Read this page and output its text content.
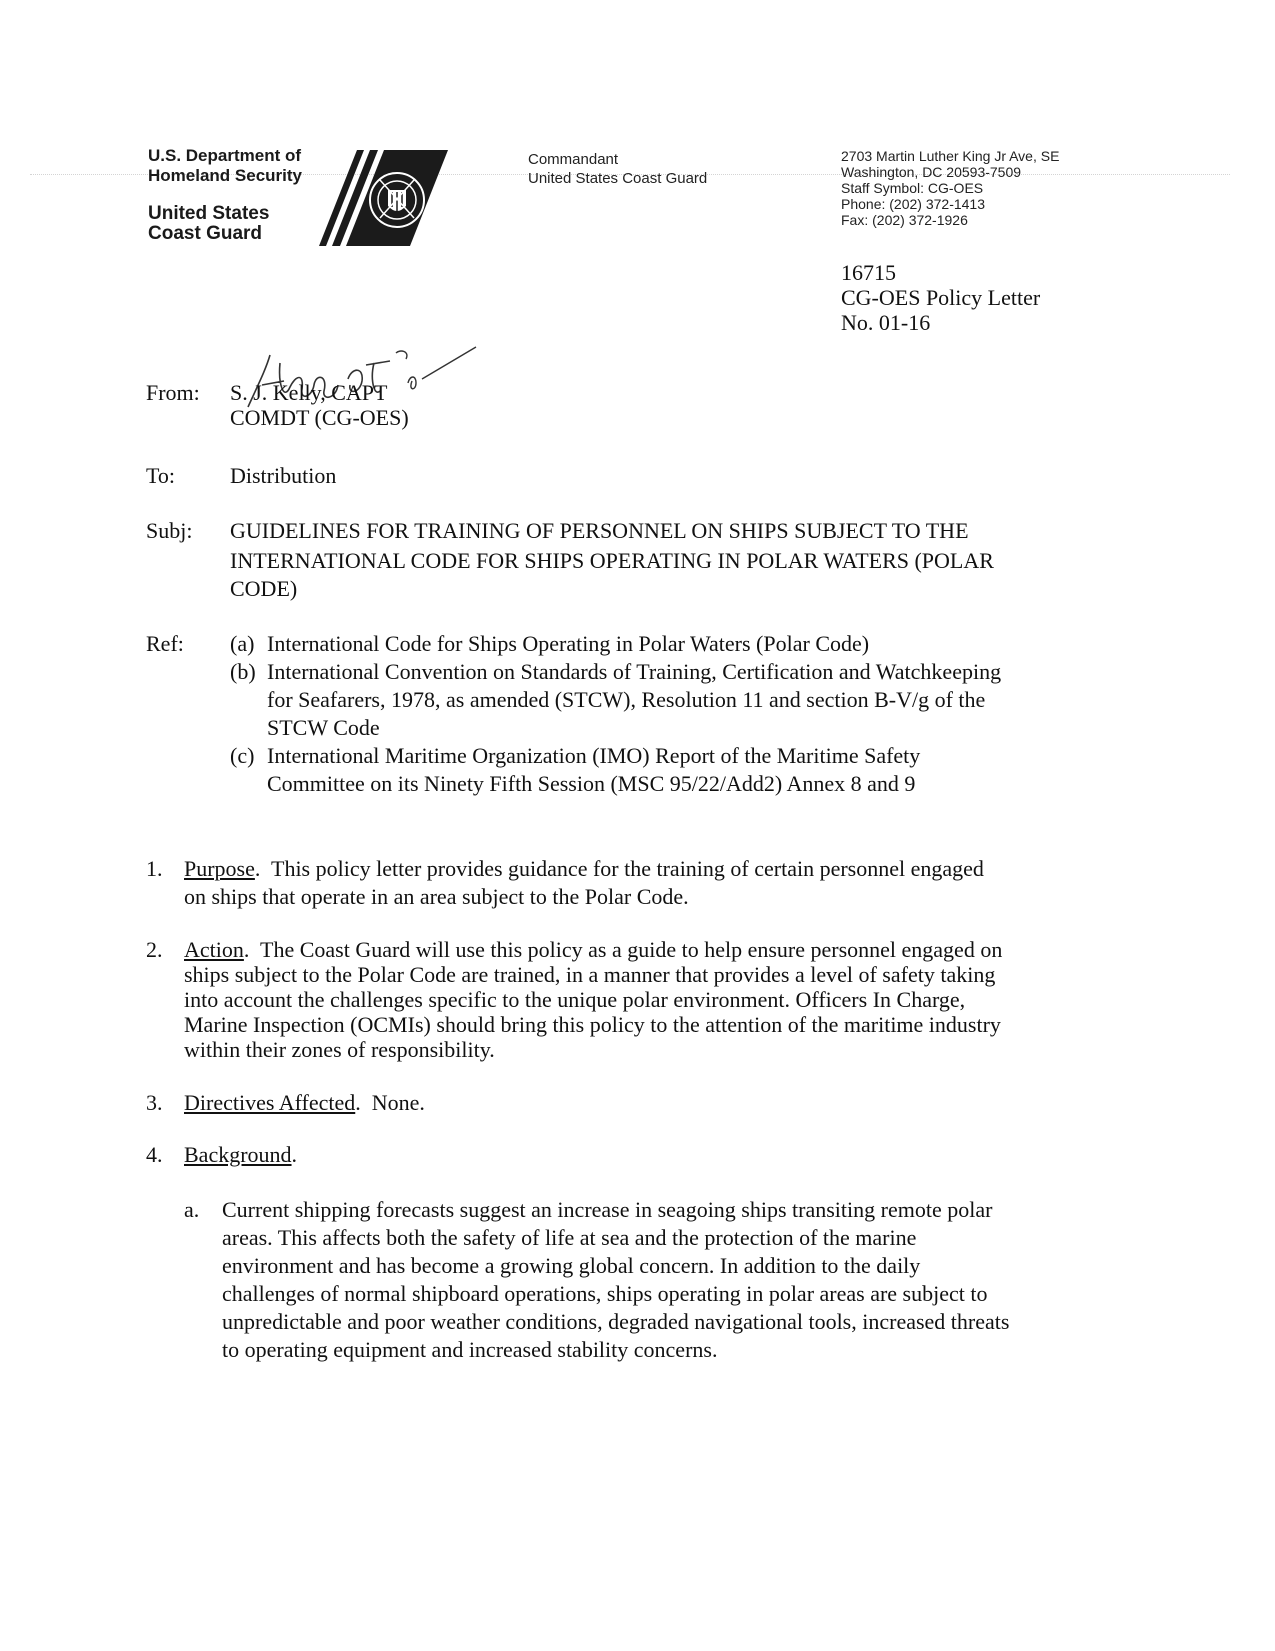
U.S. Department of
Homeland Security
United States
Coast Guard
Commandant
United States Coast Guard
2703 Martin Luther King Jr Ave, SE
Washington, DC 20593-7509
Staff Symbol: CG-OES
Phone: (202) 372-1413
Fax: (202) 372-1926
16715
CG-OES Policy Letter
No. 01-16
From: S. J. Kelly, CAPT
COMDT (CG-OES)
To: Distribution
Subj: GUIDELINES FOR TRAINING OF PERSONNEL ON SHIPS SUBJECT TO THE
INTERNATIONAL CODE FOR SHIPS OPERATING IN POLAR WATERS (POLAR
CODE)
Ref: (a) International Code for Ships Operating in Polar Waters (Polar Code)
(b) International Convention on Standards of Training, Certification and Watchkeeping
for Seafarers, 1978, as amended (STCW), Resolution 11 and section B-V/g of the
STCW Code
(c) International Maritime Organization (IMO) Report of the Maritime Safety
Committee on its Ninety Fifth Session (MSC 95/22/Add2) Annex 8 and 9
1. Purpose.  This policy letter provides guidance for the training of certain personnel engaged
on ships that operate in an area subject to the Polar Code.
2. Action.  The Coast Guard will use this policy as a guide to help ensure personnel engaged on
ships subject to the Polar Code are trained, in a manner that provides a level of safety taking
into account the challenges specific to the unique polar environment. Officers In Charge,
Marine Inspection (OCMIs) should bring this policy to the attention of the maritime industry
within their zones of responsibility.
3. Directives Affected.  None.
4. Background.
a. Current shipping forecasts suggest an increase in seagoing ships transiting remote polar
areas. This affects both the safety of life at sea and the protection of the marine
environment and has become a growing global concern. In addition to the daily
challenges of normal shipboard operations, ships operating in polar areas are subject to
unpredictable and poor weather conditions, degraded navigational tools, increased threats
to operating equipment and increased stability concerns.
